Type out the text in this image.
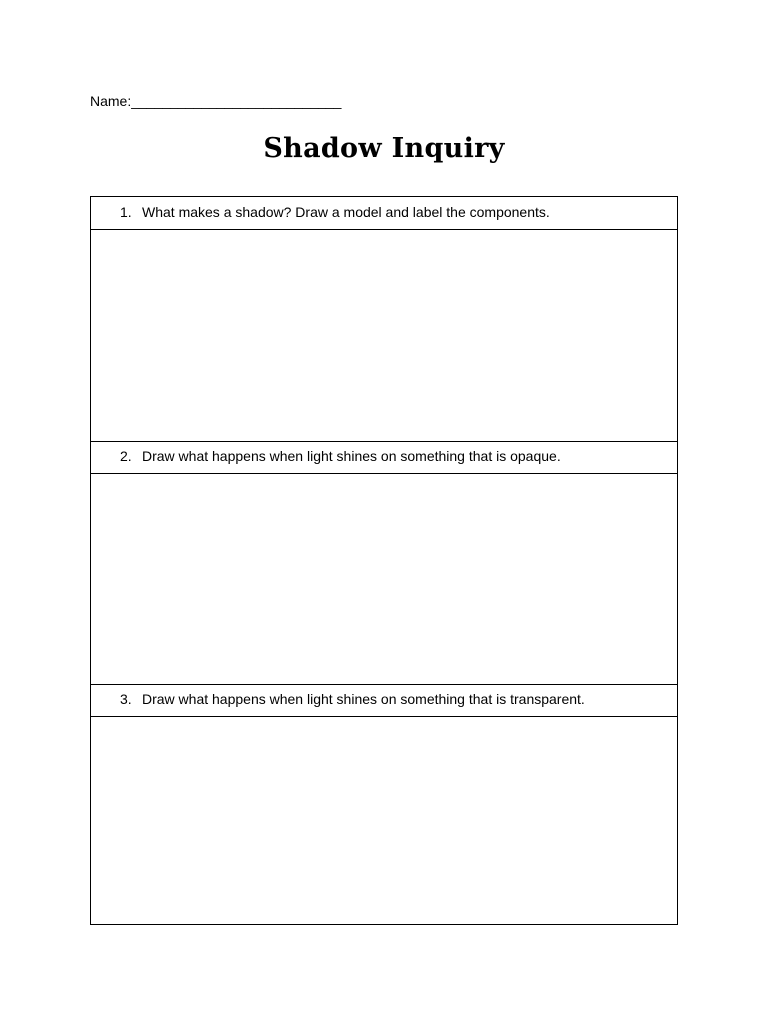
Name:___________________________
Shadow Inquiry
1. What makes a shadow? Draw a model and label the components.
2. Draw what happens when light shines on something that is opaque.
3. Draw what happens when light shines on something that is transparent.
